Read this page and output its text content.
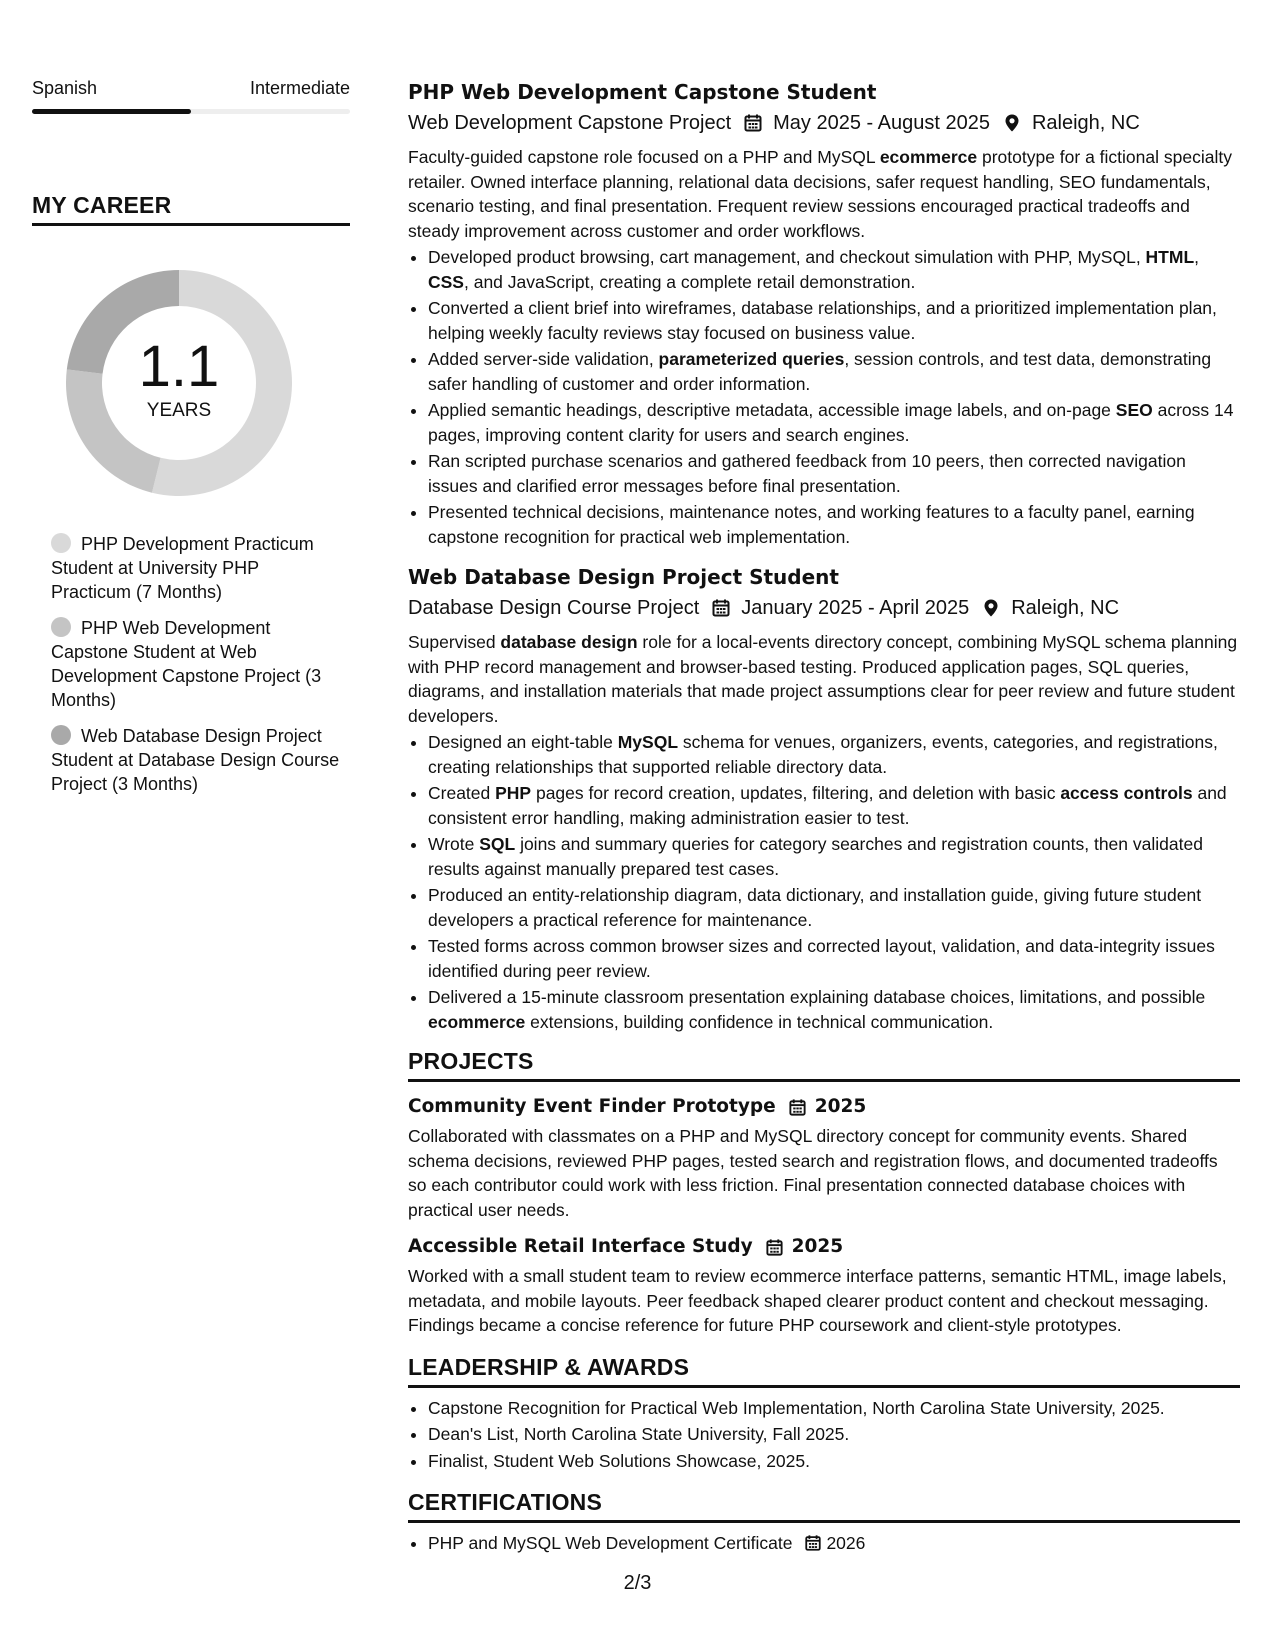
Spanish	Intermediate
MY CAREER
1.1
YEARS
PHP Development Practicum Student at University PHP Practicum (7 Months)
PHP Web Development Capstone Student at Web Development Capstone Project (3 Months)
Web Database Design Project Student at Database Design Course Project (3 Months)
PHP Web Development Capstone Student
Web Development Capstone Project May 2025 - August 2025 Raleigh, NC
Faculty-guided capstone role focused on a PHP and MySQL ecommerce prototype for a fictional specialty retailer. Owned interface planning, relational data decisions, safer request handling, SEO fundamentals, scenario testing, and final presentation. Frequent review sessions encouraged practical tradeoffs and steady improvement across customer and order workflows.
• Developed product browsing, cart management, and checkout simulation with PHP, MySQL, HTML, CSS, and JavaScript, creating a complete retail demonstration.
• Converted a client brief into wireframes, database relationships, and a prioritized implementation plan, helping weekly faculty reviews stay focused on business value.
• Added server-side validation, parameterized queries, session controls, and test data, demonstrating safer handling of customer and order information.
• Applied semantic headings, descriptive metadata, accessible image labels, and on-page SEO across 14 pages, improving content clarity for users and search engines.
• Ran scripted purchase scenarios and gathered feedback from 10 peers, then corrected navigation issues and clarified error messages before final presentation.
• Presented technical decisions, maintenance notes, and working features to a faculty panel, earning capstone recognition for practical web implementation.
Web Database Design Project Student
Database Design Course Project January 2025 - April 2025 Raleigh, NC
Supervised database design role for a local-events directory concept, combining MySQL schema planning with PHP record management and browser-based testing. Produced application pages, SQL queries, diagrams, and installation materials that made project assumptions clear for peer review and future student developers.
• Designed an eight-table MySQL schema for venues, organizers, events, categories, and registrations, creating relationships that supported reliable directory data.
• Created PHP pages for record creation, updates, filtering, and deletion with basic access controls and consistent error handling, making administration easier to test.
• Wrote SQL joins and summary queries for category searches and registration counts, then validated results against manually prepared test cases.
• Produced an entity-relationship diagram, data dictionary, and installation guide, giving future student developers a practical reference for maintenance.
• Tested forms across common browser sizes and corrected layout, validation, and data-integrity issues identified during peer review.
• Delivered a 15-minute classroom presentation explaining database choices, limitations, and possible ecommerce extensions, building confidence in technical communication.
PROJECTS
Community Event Finder Prototype 2025
Collaborated with classmates on a PHP and MySQL directory concept for community events. Shared schema decisions, reviewed PHP pages, tested search and registration flows, and documented tradeoffs so each contributor could work with less friction. Final presentation connected database choices with practical user needs.
Accessible Retail Interface Study 2025
Worked with a small student team to review ecommerce interface patterns, semantic HTML, image labels, metadata, and mobile layouts. Peer feedback shaped clearer product content and checkout messaging. Findings became a concise reference for future PHP coursework and client-style prototypes.
LEADERSHIP & AWARDS
• Capstone Recognition for Practical Web Implementation, North Carolina State University, 2025.
• Dean's List, North Carolina State University, Fall 2025.
• Finalist, Student Web Solutions Showcase, 2025.
CERTIFICATIONS
• PHP and MySQL Web Development Certificate 2026
2/3
